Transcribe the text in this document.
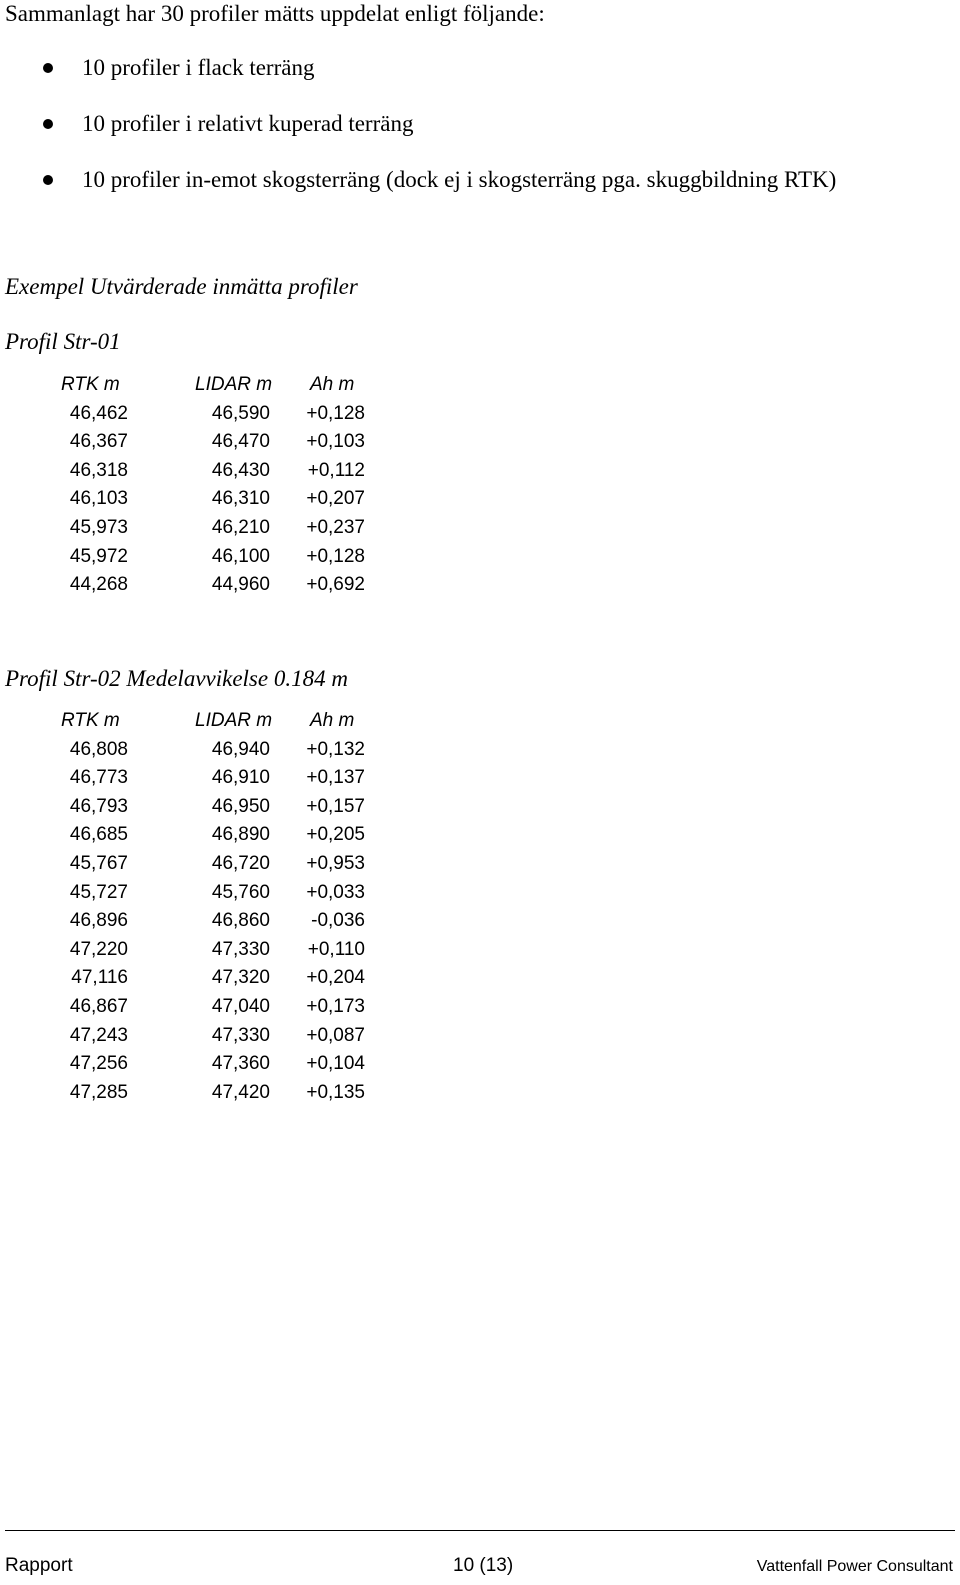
Sammanlagt har 30 profiler mätts uppdelat enligt följande:
10 profiler i flack terräng
10 profiler i relativt kuperad terräng
10 profiler in-emot skogsterräng (dock ej i skogsterräng pga. skuggbildning RTK)
Exempel Utvärderade inmätta profiler
Profil Str-01
RTK m	LIDAR m Ah m
46,462	46,590	+0,128
46,367	46,470	+0,103
46,318	46,430	+0,112
46,103	46,310	+0,207
45,973	46,210	+0,237
45,972	46,100	+0,128
44,268	44,960	+0,692
Profil Str-02 Medelavvikelse 0.184 m
RTK m	LIDAR m Ah m
46,808	46,940	+0,132
46,773	46,910	+0,137
46,793	46,950	+0,157
46,685	46,890	+0,205
45,767	46,720	+0,953
45,727	45,760	+0,033
46,896	46,860	-0,036
47,220	47,330	+0,110
47,116	47,320	+0,204
46,867	47,040	+0,173
47,243	47,330	+0,087
47,256	47,360	+0,104
47,285	47,420	+0,135
Rapport	10 (13)	Vattenfall Power Consultant
